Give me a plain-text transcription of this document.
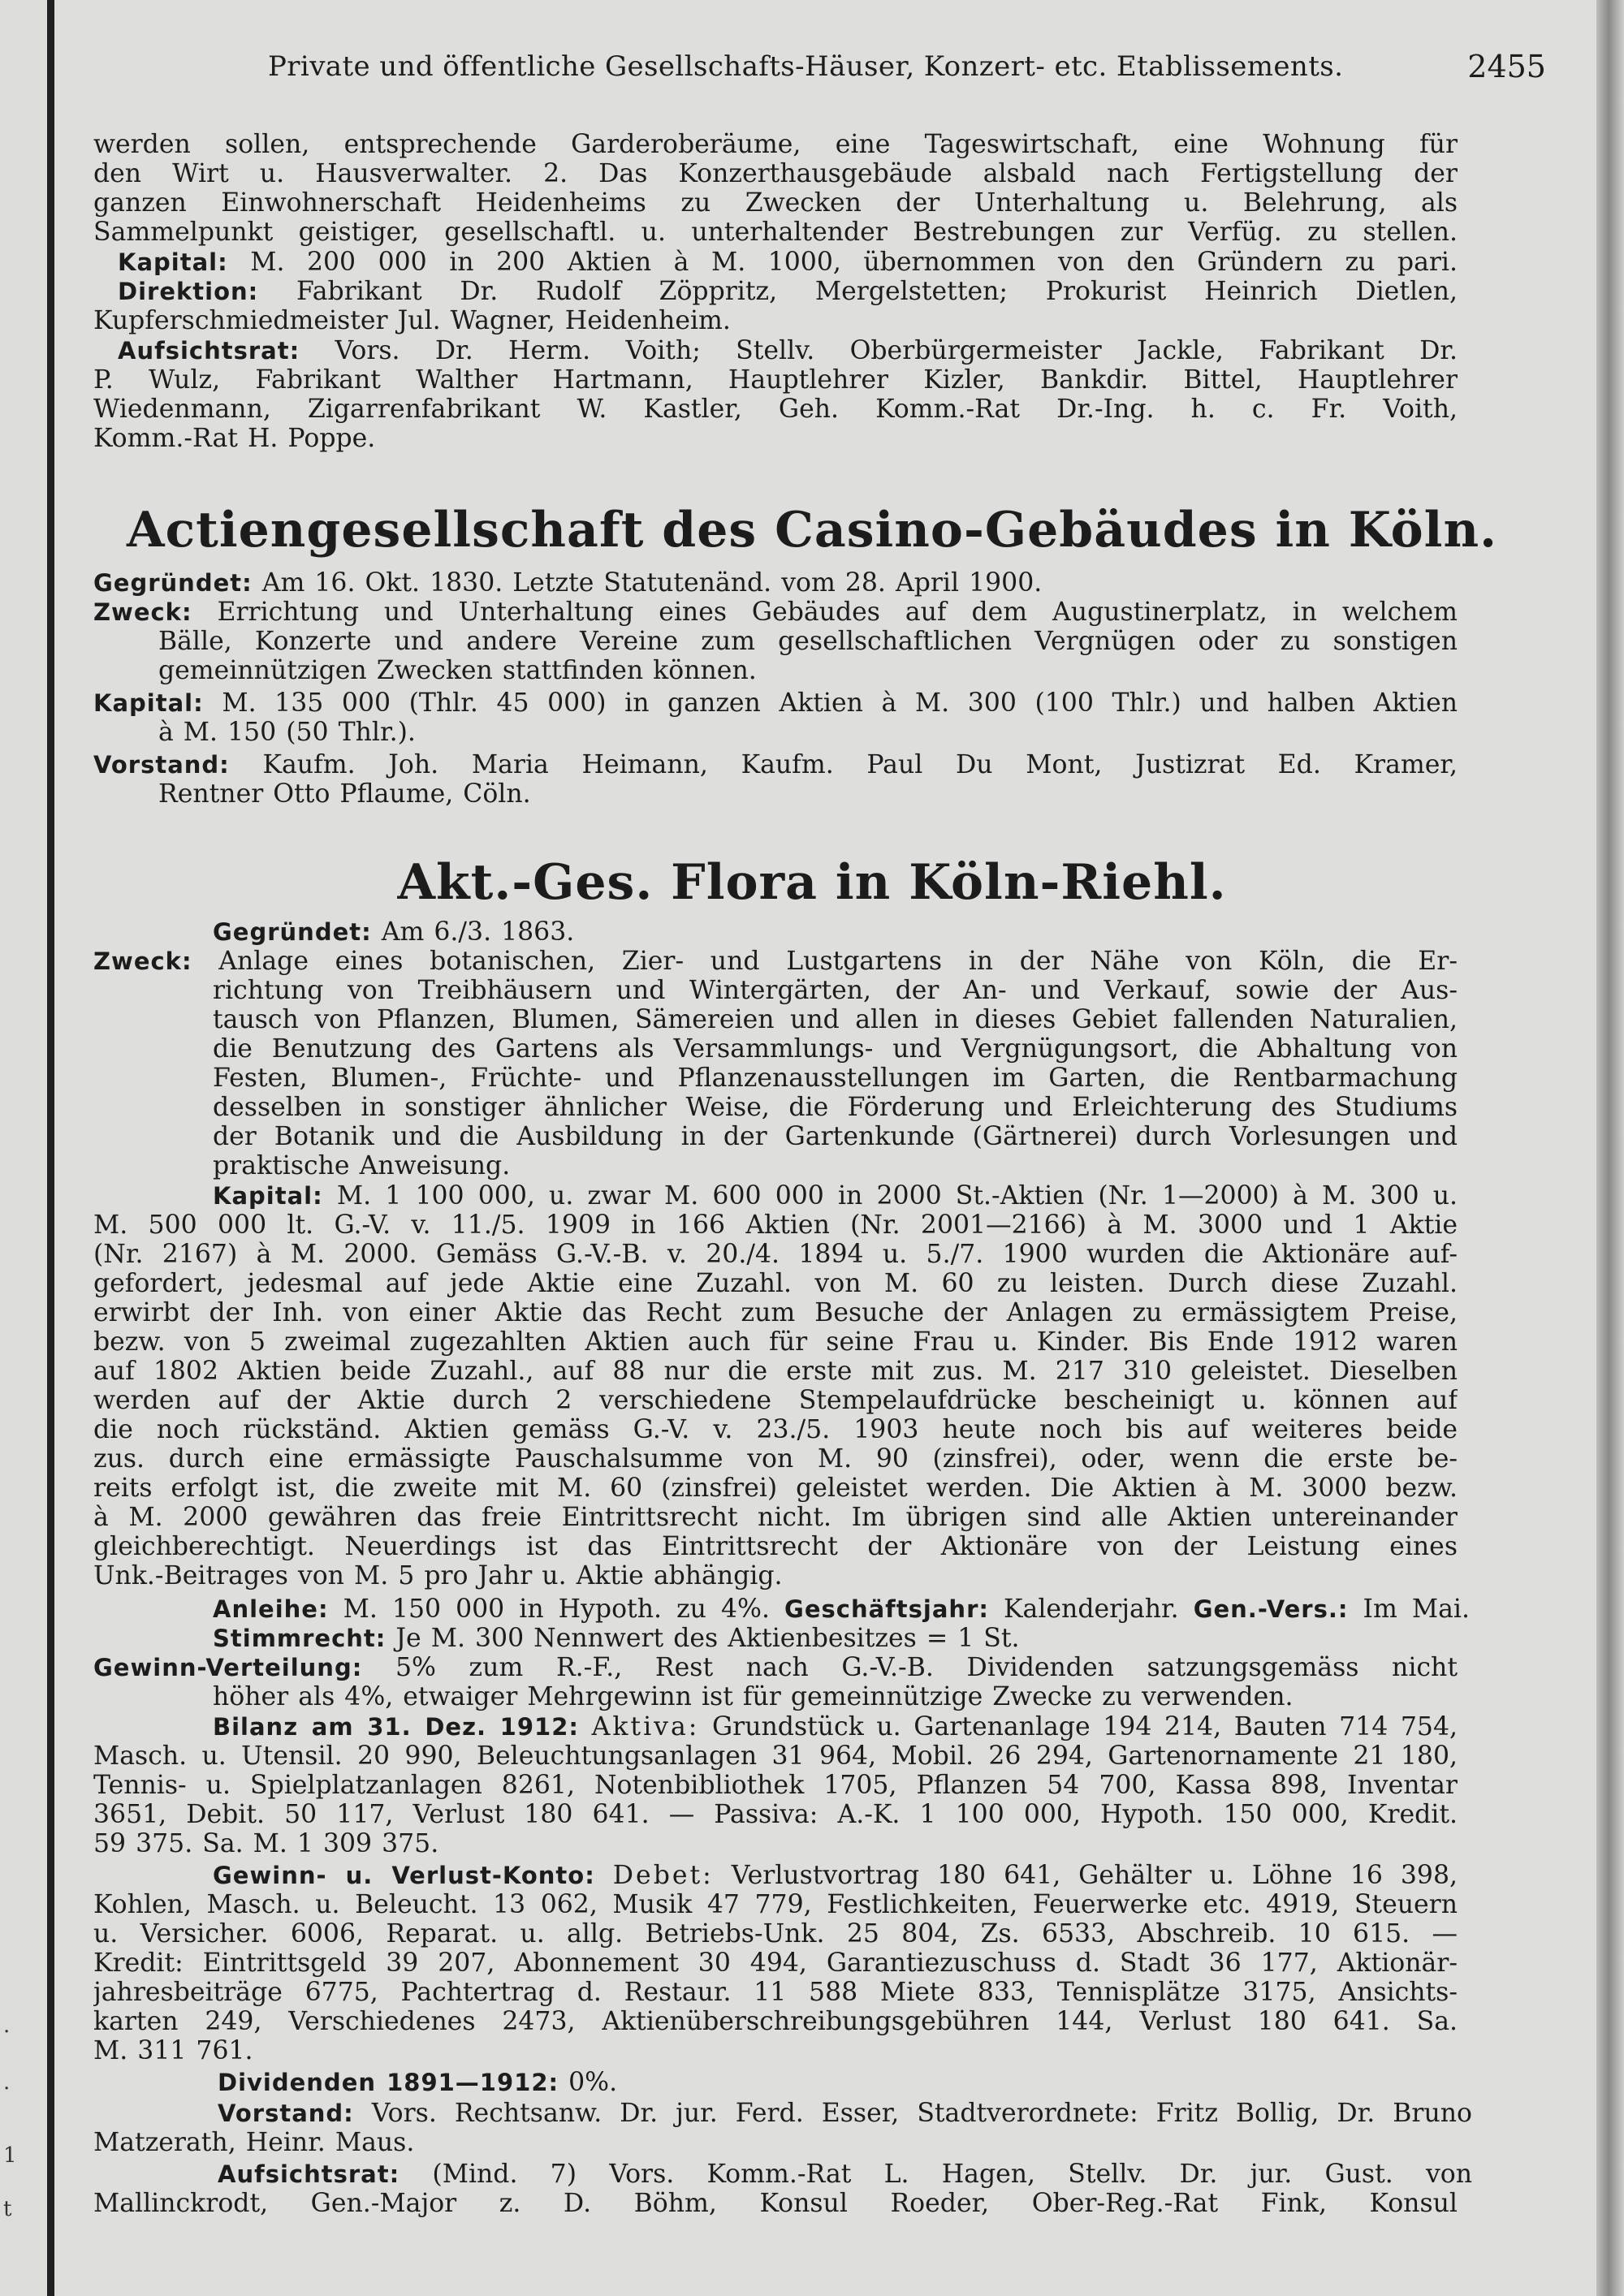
.
.
1
t
Private und öffentliche Gesellschafts-Häuser, Konzert- etc. Etablissements.	2455
werden sollen, entsprechende Garderoberäume, eine Tageswirtschaft, eine Wohnung für
den Wirt u. Hausverwalter. 2. Das Konzerthausgebäude alsbald nach Fertigstellung der
ganzen Einwohnerschaft Heidenheims zu Zwecken der Unterhaltung u. Belehrung, als
Sammelpunkt geistiger, gesellschaftl. u. unterhaltender Bestrebungen zur Verfüg. zu stellen.
Kapital: M. 200 000 in 200 Aktien à M. 1000, übernommen von den Gründern zu pari.
Direktion: Fabrikant Dr. Rudolf Zöppritz, Mergelstetten; Prokurist Heinrich Dietlen,
Kupferschmiedmeister Jul. Wagner, Heidenheim.
Aufsichtsrat: Vors. Dr. Herm. Voith; Stellv. Oberbürgermeister Jackle, Fabrikant Dr.
P. Wulz, Fabrikant Walther Hartmann, Hauptlehrer Kizler, Bankdir. Bittel, Hauptlehrer
Wiedenmann, Zigarrenfabrikant W. Kastler, Geh. Komm.-Rat Dr.-Ing. h. c. Fr. Voith,
Komm.-Rat H. Poppe.
Actiengesellschaft des Casino-Gebäudes in Köln.
Gegründet: Am 16. Okt. 1830. Letzte Statutenänd. vom 28. April 1900.
Zweck: Errichtung und Unterhaltung eines Gebäudes auf dem Augustinerplatz, in welchem
Bälle, Konzerte und andere Vereine zum gesellschaftlichen Vergnügen oder zu sonstigen
gemeinnützigen Zwecken stattfinden können.
Kapital: M. 135 000 (Thlr. 45 000) in ganzen Aktien à M. 300 (100 Thlr.) und halben Aktien
à M. 150 (50 Thlr.).
Vorstand: Kaufm. Joh. Maria Heimann, Kaufm. Paul Du Mont, Justizrat Ed. Kramer,
Rentner Otto Pflaume, Cöln.
Akt.-Ges. Flora in Köln-Riehl.
Gegründet: Am 6./3. 1863.
Zweck: Anlage eines botanischen, Zier- und Lustgartens in der Nähe von Köln, die Er-
richtung von Treibhäusern und Wintergärten, der An- und Verkauf, sowie der Aus-
tausch von Pflanzen, Blumen, Sämereien und allen in dieses Gebiet fallenden Naturalien,
die Benutzung des Gartens als Versammlungs- und Vergnügungsort, die Abhaltung von
Festen, Blumen-, Früchte- und Pflanzenausstellungen im Garten, die Rentbarmachung
desselben in sonstiger ähnlicher Weise, die Förderung und Erleichterung des Studiums
der Botanik und die Ausbildung in der Gartenkunde (Gärtnerei) durch Vorlesungen und
praktische Anweisung.
Kapital: M. 1 100 000, u. zwar M. 600 000 in 2000 St.-Aktien (Nr. 1—2000) à M. 300 u.
M. 500 000 lt. G.-V. v. 11./5. 1909 in 166 Aktien (Nr. 2001—2166) à M. 3000 und 1 Aktie
(Nr. 2167) à M. 2000. Gemäss G.-V.-B. v. 20./4. 1894 u. 5./7. 1900 wurden die Aktionäre auf-
gefordert, jedesmal auf jede Aktie eine Zuzahl. von M. 60 zu leisten. Durch diese Zuzahl.
erwirbt der Inh. von einer Aktie das Recht zum Besuche der Anlagen zu ermässigtem Preise,
bezw. von 5 zweimal zugezahlten Aktien auch für seine Frau u. Kinder. Bis Ende 1912 waren
auf 1802 Aktien beide Zuzahl., auf 88 nur die erste mit zus. M. 217 310 geleistet. Dieselben
werden auf der Aktie durch 2 verschiedene Stempelaufdrücke bescheinigt u. können auf
die noch rückständ. Aktien gemäss G.-V. v. 23./5. 1903 heute noch bis auf weiteres beide
zus. durch eine ermässigte Pauschalsumme von M. 90 (zinsfrei), oder, wenn die erste be-
reits erfolgt ist, die zweite mit M. 60 (zinsfrei) geleistet werden. Die Aktien à M. 3000 bezw.
à M. 2000 gewähren das freie Eintrittsrecht nicht. Im übrigen sind alle Aktien untereinander
gleichberechtigt. Neuerdings ist das Eintrittsrecht der Aktionäre von der Leistung eines
Unk.-Beitrages von M. 5 pro Jahr u. Aktie abhängig.
Anleihe: M. 150 000 in Hypoth. zu 4%. Geschäftsjahr: Kalenderjahr. Gen.-Vers.: Im Mai.
Stimmrecht: Je M. 300 Nennwert des Aktienbesitzes = 1 St.
Gewinn-Verteilung: 5% zum R.-F., Rest nach G.-V.-B. Dividenden satzungsgemäss nicht
höher als 4%, etwaiger Mehrgewinn ist für gemeinnützige Zwecke zu verwenden.
Bilanz am 31. Dez. 1912: Aktiva: Grundstück u. Gartenanlage 194 214, Bauten 714 754,
Masch. u. Utensil. 20 990, Beleuchtungsanlagen 31 964, Mobil. 26 294, Gartenornamente 21 180,
Tennis- u. Spielplatzanlagen 8261, Notenbibliothek 1705, Pflanzen 54 700, Kassa 898, Inventar
3651, Debit. 50 117, Verlust 180 641. — Passiva: A.-K. 1 100 000, Hypoth. 150 000, Kredit.
59 375. Sa. M. 1 309 375.
Gewinn- u. Verlust-Konto: Debet: Verlustvortrag 180 641, Gehälter u. Löhne 16 398,
Kohlen, Masch. u. Beleucht. 13 062, Musik 47 779, Festlichkeiten, Feuerwerke etc. 4919, Steuern
u. Versicher. 6006, Reparat. u. allg. Betriebs-Unk. 25 804, Zs. 6533, Abschreib. 10 615. —
Kredit: Eintrittsgeld 39 207, Abonnement 30 494, Garantiezuschuss d. Stadt 36 177, Aktionär-
jahresbeiträge 6775, Pachtertrag d. Restaur. 11 588 Miete 833, Tennisplätze 3175, Ansichts-
karten 249, Verschiedenes 2473, Aktienüberschreibungsgebühren 144, Verlust 180 641. Sa.
M. 311 761.
Dividenden 1891—1912: 0%.
Vorstand: Vors. Rechtsanw. Dr. jur. Ferd. Esser, Stadtverordnete: Fritz Bollig, Dr. Bruno
Matzerath, Heinr. Maus.
Aufsichtsrat: (Mind. 7) Vors. Komm.-Rat L. Hagen, Stellv. Dr. jur. Gust. von
Mallinckrodt, Gen.-Major z. D. Böhm, Konsul Roeder, Ober-Reg.-Rat Fink, Konsul
